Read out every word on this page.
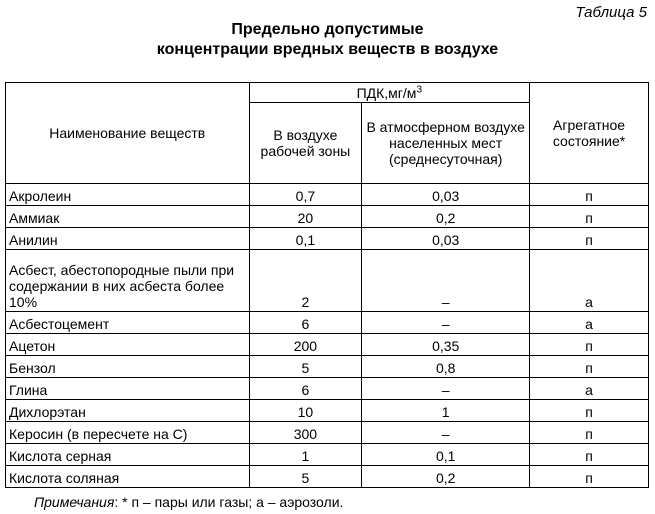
Таблица 5
Предельно допустимые
концентрации вредных веществ в воздухе
Наименование веществ	$ПДК,мг/м^3$		Агрегатное состояние*
	В воздухе рабочей зоны	В атмосферном воздухе населенных мест (среднесуточная)	
Акролеин	0,7	0,03	п
Аммиак	20	0,2	п
Анилин	0,1	0,03	п
Асбест, абестопородные пыли при содержании в них асбеста более 10%	2	–	а
Асбестоцемент	6	–	а
Ацетон	200	0,35	п
Бензол	5	0,8	п
Глина	6	–	а
Дихлорэтан	10	1	п
Керосин (в пересчете на С)	300	–	п
Кислота серная	1	0,1	п
Кислота соляная	5	0,2	п
Примечания: * п – пары или газы; а – аэрозоли.
